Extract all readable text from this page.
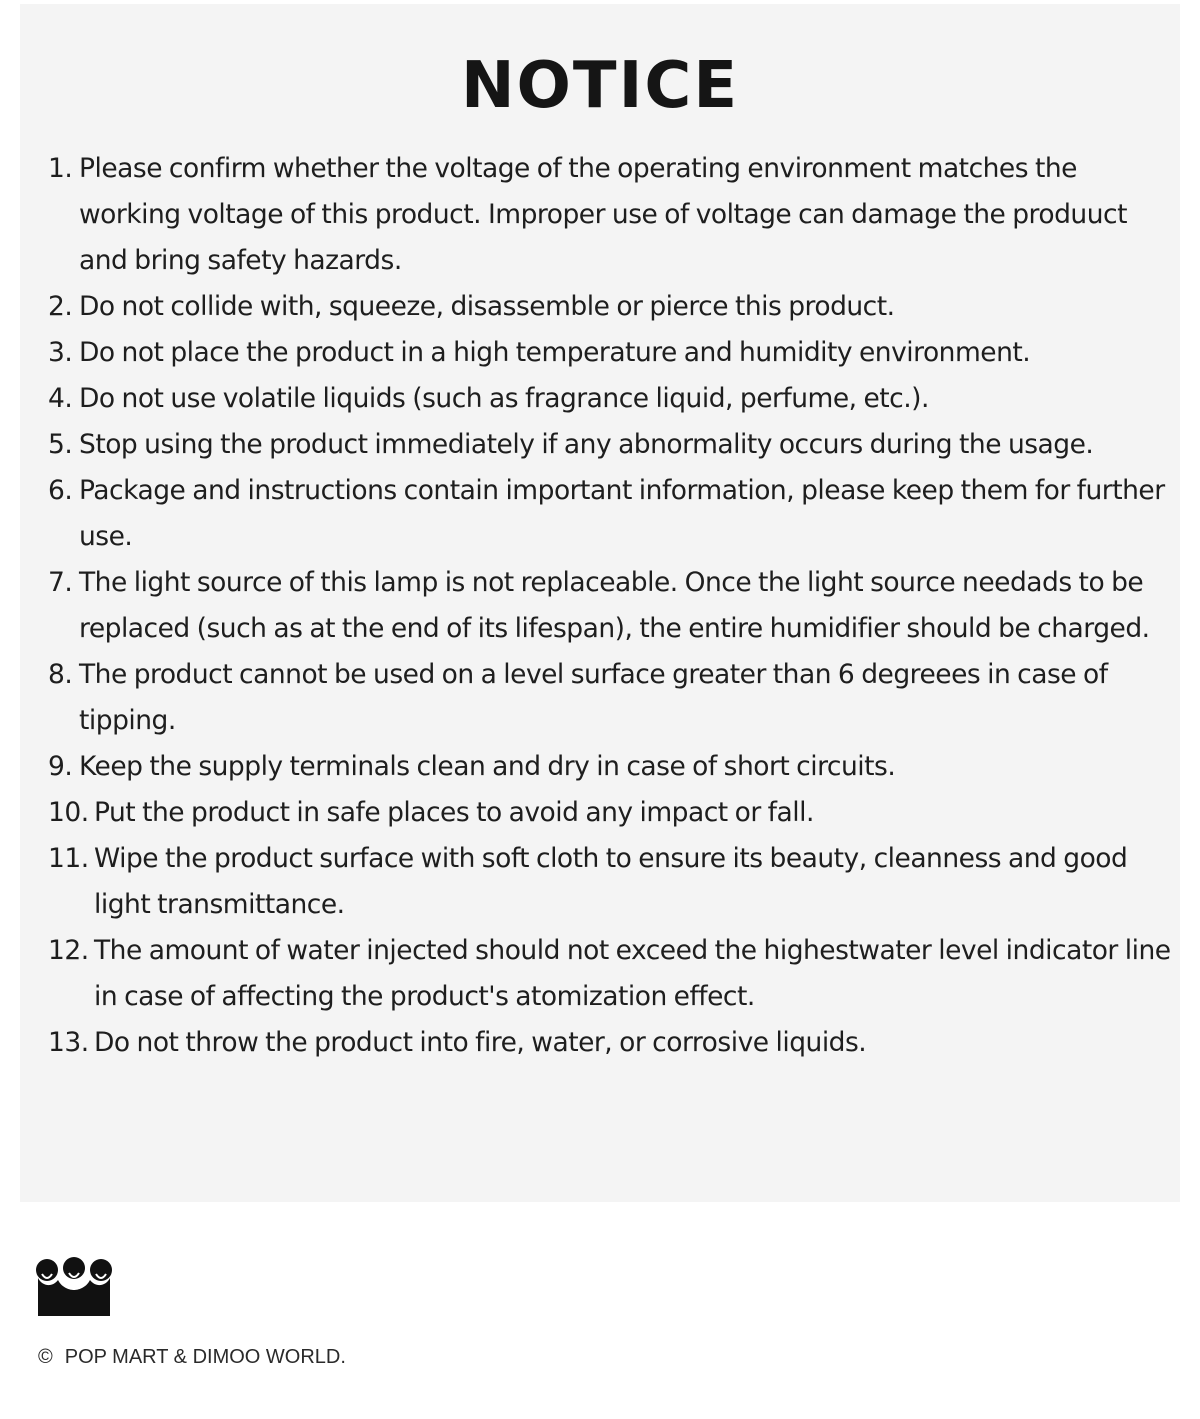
NOTICE
1. Please confirm whether the voltage of the operating environment matches the working voltage of this product. Improper use of voltage can damage the produuct and bring safety hazards.
2. Do not collide with, squeeze, disassemble or pierce this product.
3. Do not place the product in a high temperature and humidity environment.
4. Do not use volatile liquids (such as fragrance liquid, perfume, etc.).
5. Stop using the product immediately if any abnormality occurs during the usage.
6. Package and instructions contain important information, please keep them for further use.
7. The light source of this lamp is not replaceable. Once the light source needads to be replaced (such as at the end of its lifespan), the entire humidifier should be charged.
8. The product cannot be used on a level surface greater than 6 degreees in case of tipping.
9. Keep the supply terminals clean and dry in case of short circuits.
10. Put the product in safe places to avoid any impact or fall.
11. Wipe the product surface with soft cloth to ensure its beauty, cleanness and good light transmittance.
12. The amount of water injected should not exceed the highestwater level indicator line in case of affecting the product's atomization effect.
13. Do not throw the product into fire, water, or corrosive liquids.
© POP MART & DIMOO WORLD.
